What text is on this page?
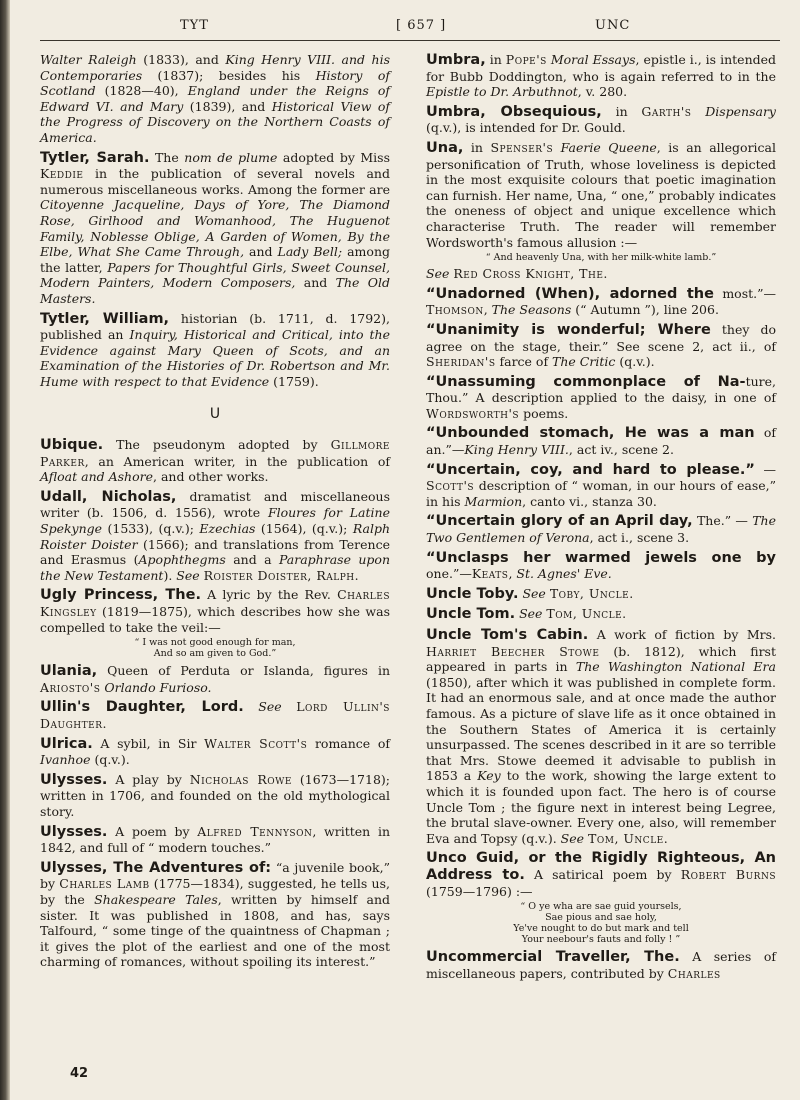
TYT	[ 657 ]	UNC

Walter Raleigh (1833), and King Henry VIII. and his Contemporaries (1837); besides his History of Scotland (1828—40), England under the Reigns of Edward VI. and Mary (1839), and Historical View of the Progress of Discovery on the Northern Coasts of America.

Tytler, Sarah. The nom de plume adopted by Miss Keddie in the publication of several novels and numerous miscellaneous works. Among the former are Citoyenne Jacqueline, Days of Yore, The Diamond Rose, Girlhood and Womanhood, The Huguenot Family, Noblesse Oblige, A Garden of Women, By the Elbe, What She Came Through, and Lady Bell; among the latter, Papers for Thoughtful Girls, Sweet Counsel, Modern Painters, Modern Composers, and The Old Masters.

Tytler, William, historian (b. 1711, d. 1792), published an Inquiry, Historical and Critical, into the Evidence against Mary Queen of Scots, and an Examination of the Histories of Dr. Robertson and Mr. Hume with respect to that Evidence (1759).

U

Ubique. The pseudonym adopted by Gillmore Parker, an American writer, in the publication of Afloat and Ashore, and other works.

Udall, Nicholas, dramatist and miscellaneous writer (b. 1506, d. 1556), wrote Floures for Latine Spekynge (1533), (q.v.); Ezechias (1564), (q.v.); Ralph Roister Doister (1566); and translations from Terence and Erasmus (Apophthegms and a Paraphrase upon the New Testament). See Roister Doister, Ralph.

Ugly Princess, The. A lyric by the Rev. Charles Kingsley (1819—1875), which describes how she was compelled to take the veil:—
“ I was not good enough for man,
And so am given to God.”

Ulania, Queen of Perduta or Islanda, figures in Ariosto's Orlando Furioso.

Ullin's Daughter, Lord. See Lord Ullin's Daughter.

Ulrica. A sybil, in Sir Walter Scott's romance of Ivanhoe (q.v.).

Ulysses. A play by Nicholas Rowe (1673—1718); written in 1706, and founded on the old mythological story.

Ulysses. A poem by Alfred Tennyson, written in 1842, and full of “ modern touches.”

Ulysses, The Adventures of: “a juvenile book,” by Charles Lamb (1775—1834), suggested, he tells us, by the Shakespeare Tales, written by himself and sister. It was published in 1808, and has, says Talfourd, “ some tinge of the quaintness of Chapman ; it gives the plot of the earliest and one of the most charming of romances, without spoiling its interest.”

Umbra, in Pope's Moral Essays, epistle i., is intended for Bubb Doddington, who is again referred to in the Epistle to Dr. Arbuthnot, v. 280.

Umbra, Obsequious, in Garth's Dispensary (q.v.), is intended for Dr. Gould.

Una, in Spenser's Faerie Queene, is an allegorical personification of Truth, whose loveliness is depicted in the most exquisite colours that poetic imagination can furnish. Her name, Una, “ one,” probably indicates the oneness of object and unique excellence which characterise Truth. The reader will remember Wordsworth's famous allusion :—
“ And heavenly Una, with her milk-white lamb.”
See Red Cross Knight, The.

“Unadorned (When), adorned the most.”—Thomson, The Seasons (“ Autumn ”), line 206.

“Unanimity is wonderful; Where they do agree on the stage, their.” See scene 2, act ii., of Sheridan's farce of The Critic (q.v.).

“Unassuming commonplace of Na-ture, Thou.” A description applied to the daisy, in one of Wordsworth's poems.

“Unbounded stomach, He was a man of an.”—King Henry VIII., act iv., scene 2.

“Uncertain, coy, and hard to please.” —Scott's description of “ woman, in our hours of ease,” in his Marmion, canto vi., stanza 30.

“Uncertain glory of an April day, The.” — The Two Gentlemen of Verona, act i., scene 3.

“Unclasps her warmed jewels one by one.”—Keats, St. Agnes' Eve.

Uncle Toby. See Toby, Uncle.

Uncle Tom. See Tom, Uncle.

Uncle Tom's Cabin. A work of fiction by Mrs. Harriet Beecher Stowe (b. 1812), which first appeared in parts in The Washington National Era (1850), after which it was published in complete form. It had an enormous sale, and at once made the author famous. As a picture of slave life as it once obtained in the Southern States of America it is certainly unsurpassed. The scenes described in it are so terrible that Mrs. Stowe deemed it advisable to publish in 1853 a Key to the work, showing the large extent to which it is founded upon fact. The hero is of course Uncle Tom ; the figure next in interest being Legree, the brutal slave-owner. Every one, also, will remember Eva and Topsy (q.v.). See Tom, Uncle.

Unco Guid, or the Rigidly Righteous, An Address to. A satirical poem by Robert Burns (1759—1796) :—
“ O ye wha are sae guid yoursels,
Sae pious and sae holy,
Ye've nought to do but mark and tell
Your neebour's fauts and folly ! ”

Uncommercial Traveller, The. A series of miscellaneous papers, contributed by Charles

42
